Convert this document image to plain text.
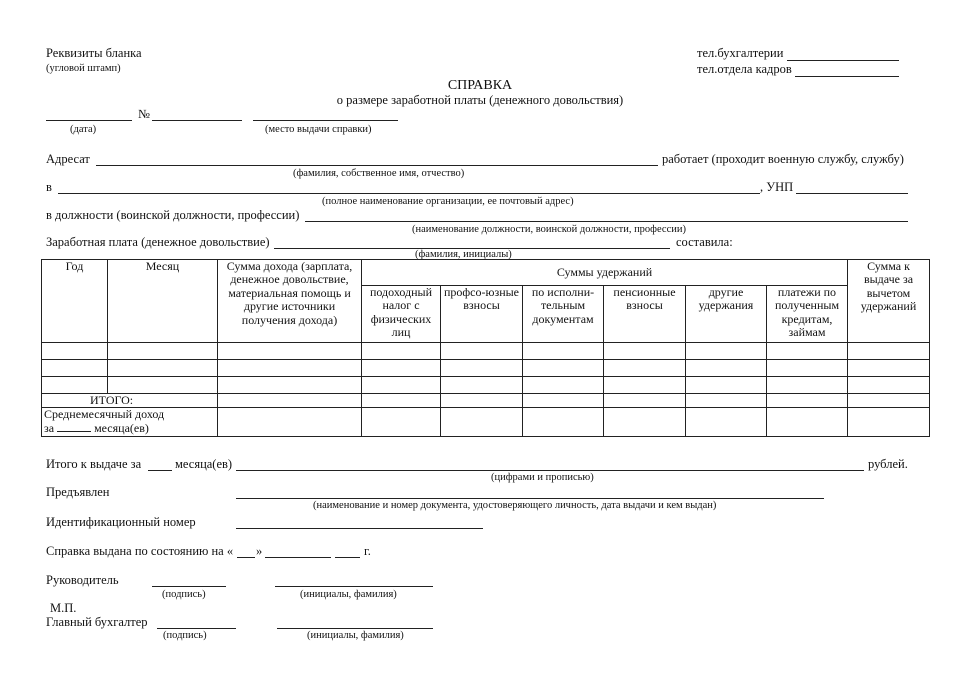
Реквизиты бланка
(угловой штамп)
тел.бухгалтерии
тел.отдела кадров
СПРАВКА
о размере заработной платы (денежного довольствия)
№
(дата)	(место выдачи справки)
Адресат	работает (проходит военную службу, службу)
(фамилия, собственное имя, отчество)
в	, УНП
(полное наименование организации, ее почтовый адрес)
в должности (воинской должности, профессии)
(наименование должности, воинской должности, профессии)
Заработная плата (денежное довольствие)	составила:
(фамилия, инициалы)
Год	Месяц	Сумма дохода (зарплата, денежное довольствие, материальная помощь и другие источники получения дохода)	Суммы удержаний						Сумма к выдаче за вычетом удержаний
			подоходный налог с физических лиц	профсо-юзные взносы	по исполни-тельным документам	пенсионные взносы	другие удержания	платежи по полученным кредитам, займам	

ИТОГО:									
Среднемесячный доход
за месяца(ев)									
Итого к выдаче за	месяца(ев)	рублей.
(цифрами и прописью)
Предъявлен
(наименование и номер документа, удостоверяющего личность, дата выдачи и кем выдан)
Идентификационный номер
Справка выдана по состоянию на « »	г.
Руководитель
(подпись)	(инициалы, фамилия)
М.П.
Главный бухгалтер
(подпись)	(инициалы, фамилия)
